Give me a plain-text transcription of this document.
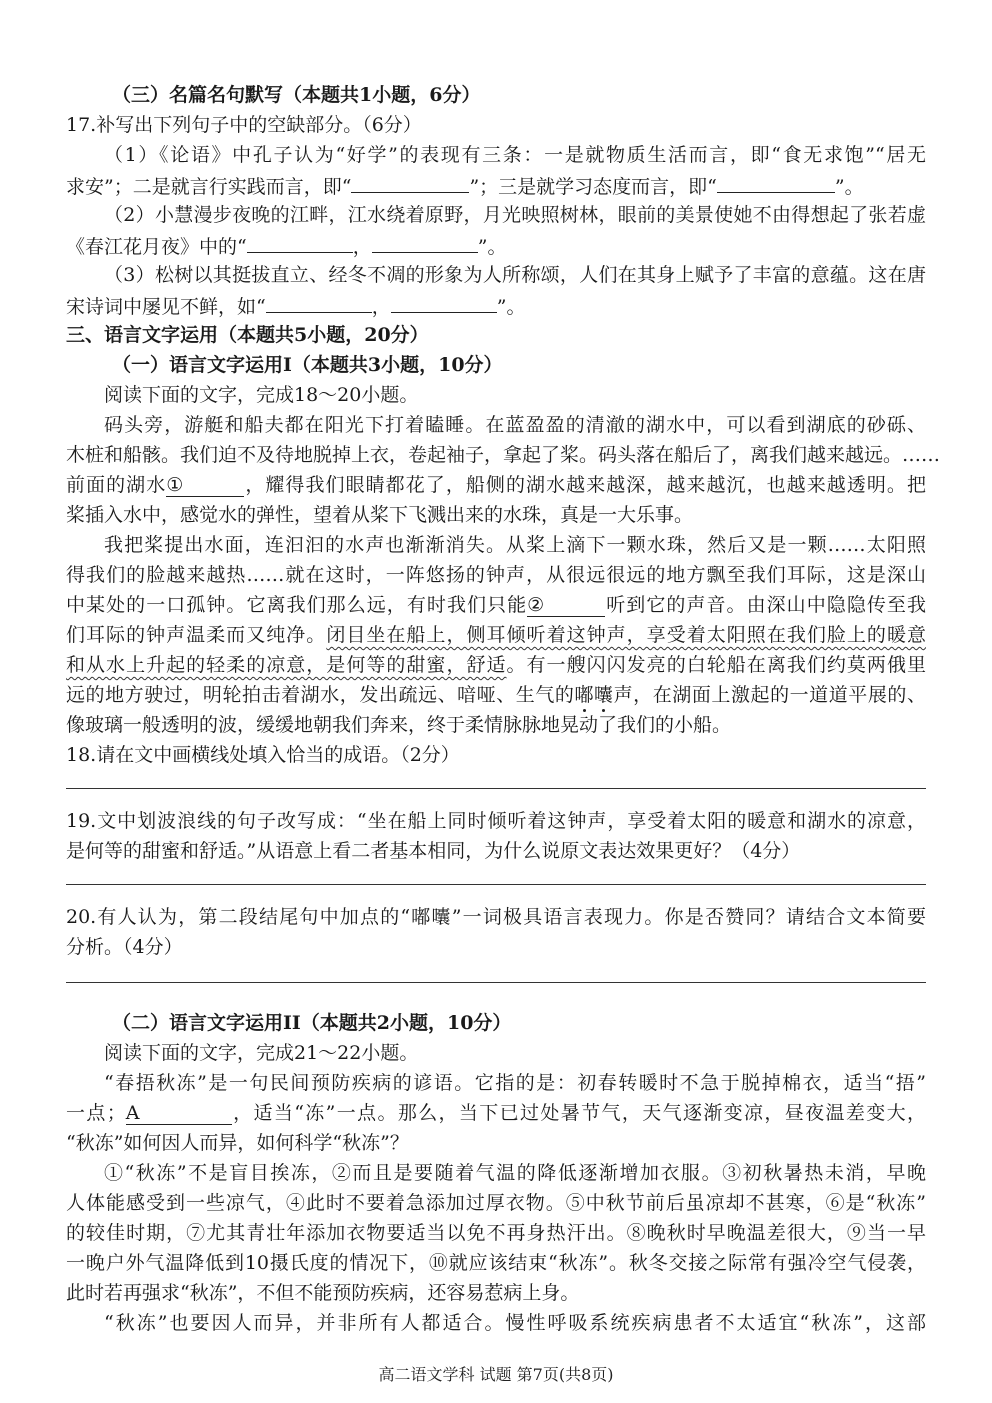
（三）名篇名句默写（本题共1小题，6分）
17.补写出下列句子中的空缺部分。（6分）
（1）《论语》中孔子认为“好学”的表现有三条：一是就物质生活而言，即“食无求饱”“居无
求安”；二是就言行实践而言，即“	”；三是就学习态度而言，即“	”。
（2）小慧漫步夜晚的江畔，江水绕着原野，月光映照树林，眼前的美景使她不由得想起了张若虚
《春江花月夜》中的“	，	”。
（3）松树以其挺拔直立、经冬不凋的形象为人所称颂，人们在其身上赋予了丰富的意蕴。这在唐
宋诗词中屡见不鲜，如“	，	”。
三、语言文字运用（本题共5小题，20分）
（一）语言文字运用Ⅰ（本题共3小题，10分）
阅读下面的文字，完成18～20小题。
码头旁，游艇和船夫都在阳光下打着瞌睡。在蓝盈盈的清澈的湖水中，可以看到湖底的砂砾、
木桩和船骸。我们迫不及待地脱掉上衣，卷起袖子，拿起了桨。码头落在船后了，离我们越来越远。……
前面的湖水①	，耀得我们眼睛都花了，船侧的湖水越来越深，越来越沉，也越来越透明。把
桨插入水中，感觉水的弹性，望着从桨下飞溅出来的水珠，真是一大乐事。
我把桨提出水面，连汩汩的水声也渐渐消失。从桨上滴下一颗水珠，然后又是一颗……太阳照
得我们的脸越来越热……就在这时，一阵悠扬的钟声，从很远很远的地方飘至我们耳际，这是深山
中某处的一口孤钟。它离我们那么远，有时我们只能②	听到它的声音。由深山中隐隐传至我
们耳际的钟声温柔而又纯净。闭目坐在船上，侧耳倾听着这钟声，享受着太阳照在我们脸上的暖意
和从水上升起的轻柔的凉意，是何等的甜蜜，舒适。有一艘闪闪发亮的白轮船在离我们约莫两俄里
远的地方驶过，明轮拍击着湖水，发出疏远、喑哑、生气的嘟囔声，在湖面上激起的一道道平展的、
像玻璃一般透明的波，缓缓地朝我们奔来，终于柔情脉脉地晃动了我们的小船。
18.请在文中画横线处填入恰当的成语。（2分）
19.文中划波浪线的句子改写成：“坐在船上同时倾听着这钟声，享受着太阳的暖意和湖水的凉意，
是何等的甜蜜和舒适。”从语意上看二者基本相同，为什么说原文表达效果更好？（4分）
20.有人认为，第二段结尾句中加点的“嘟囔”一词极具语言表现力。你是否赞同？请结合文本简要
分析。（4分）
（二）语言文字运用II（本题共2小题，10分）
阅读下面的文字，完成21～22小题。
“春捂秋冻”是一句民间预防疾病的谚语。它指的是：初春转暖时不急于脱掉棉衣，适当“捂”
一点；A	，适当“冻”一点。那么，当下已过处暑节气，天气逐渐变凉，昼夜温差变大，
“秋冻”如何因人而异，如何科学“秋冻”？
①“秋冻”不是盲目挨冻，②而且是要随着气温的降低逐渐增加衣服。③初秋暑热未消，早晚
人体能感受到一些凉气，④此时不要着急添加过厚衣物。⑤中秋节前后虽凉却不甚寒，⑥是“秋冻”
的较佳时期，⑦尤其青壮年添加衣物要适当以免不再身热汗出。⑧晚秋时早晚温差很大，⑨当一早
一晚户外气温降低到10摄氏度的情况下，⑩就应该结束“秋冻”。秋冬交接之际常有强冷空气侵袭，
此时若再强求“秋冻”，不但不能预防疾病，还容易惹病上身。
“秋冻”也要因人而异，并非所有人都适合。慢性呼吸系统疾病患者不太适宜“秋冻”，这部
高二语文学科 试题 第7页(共8页)
